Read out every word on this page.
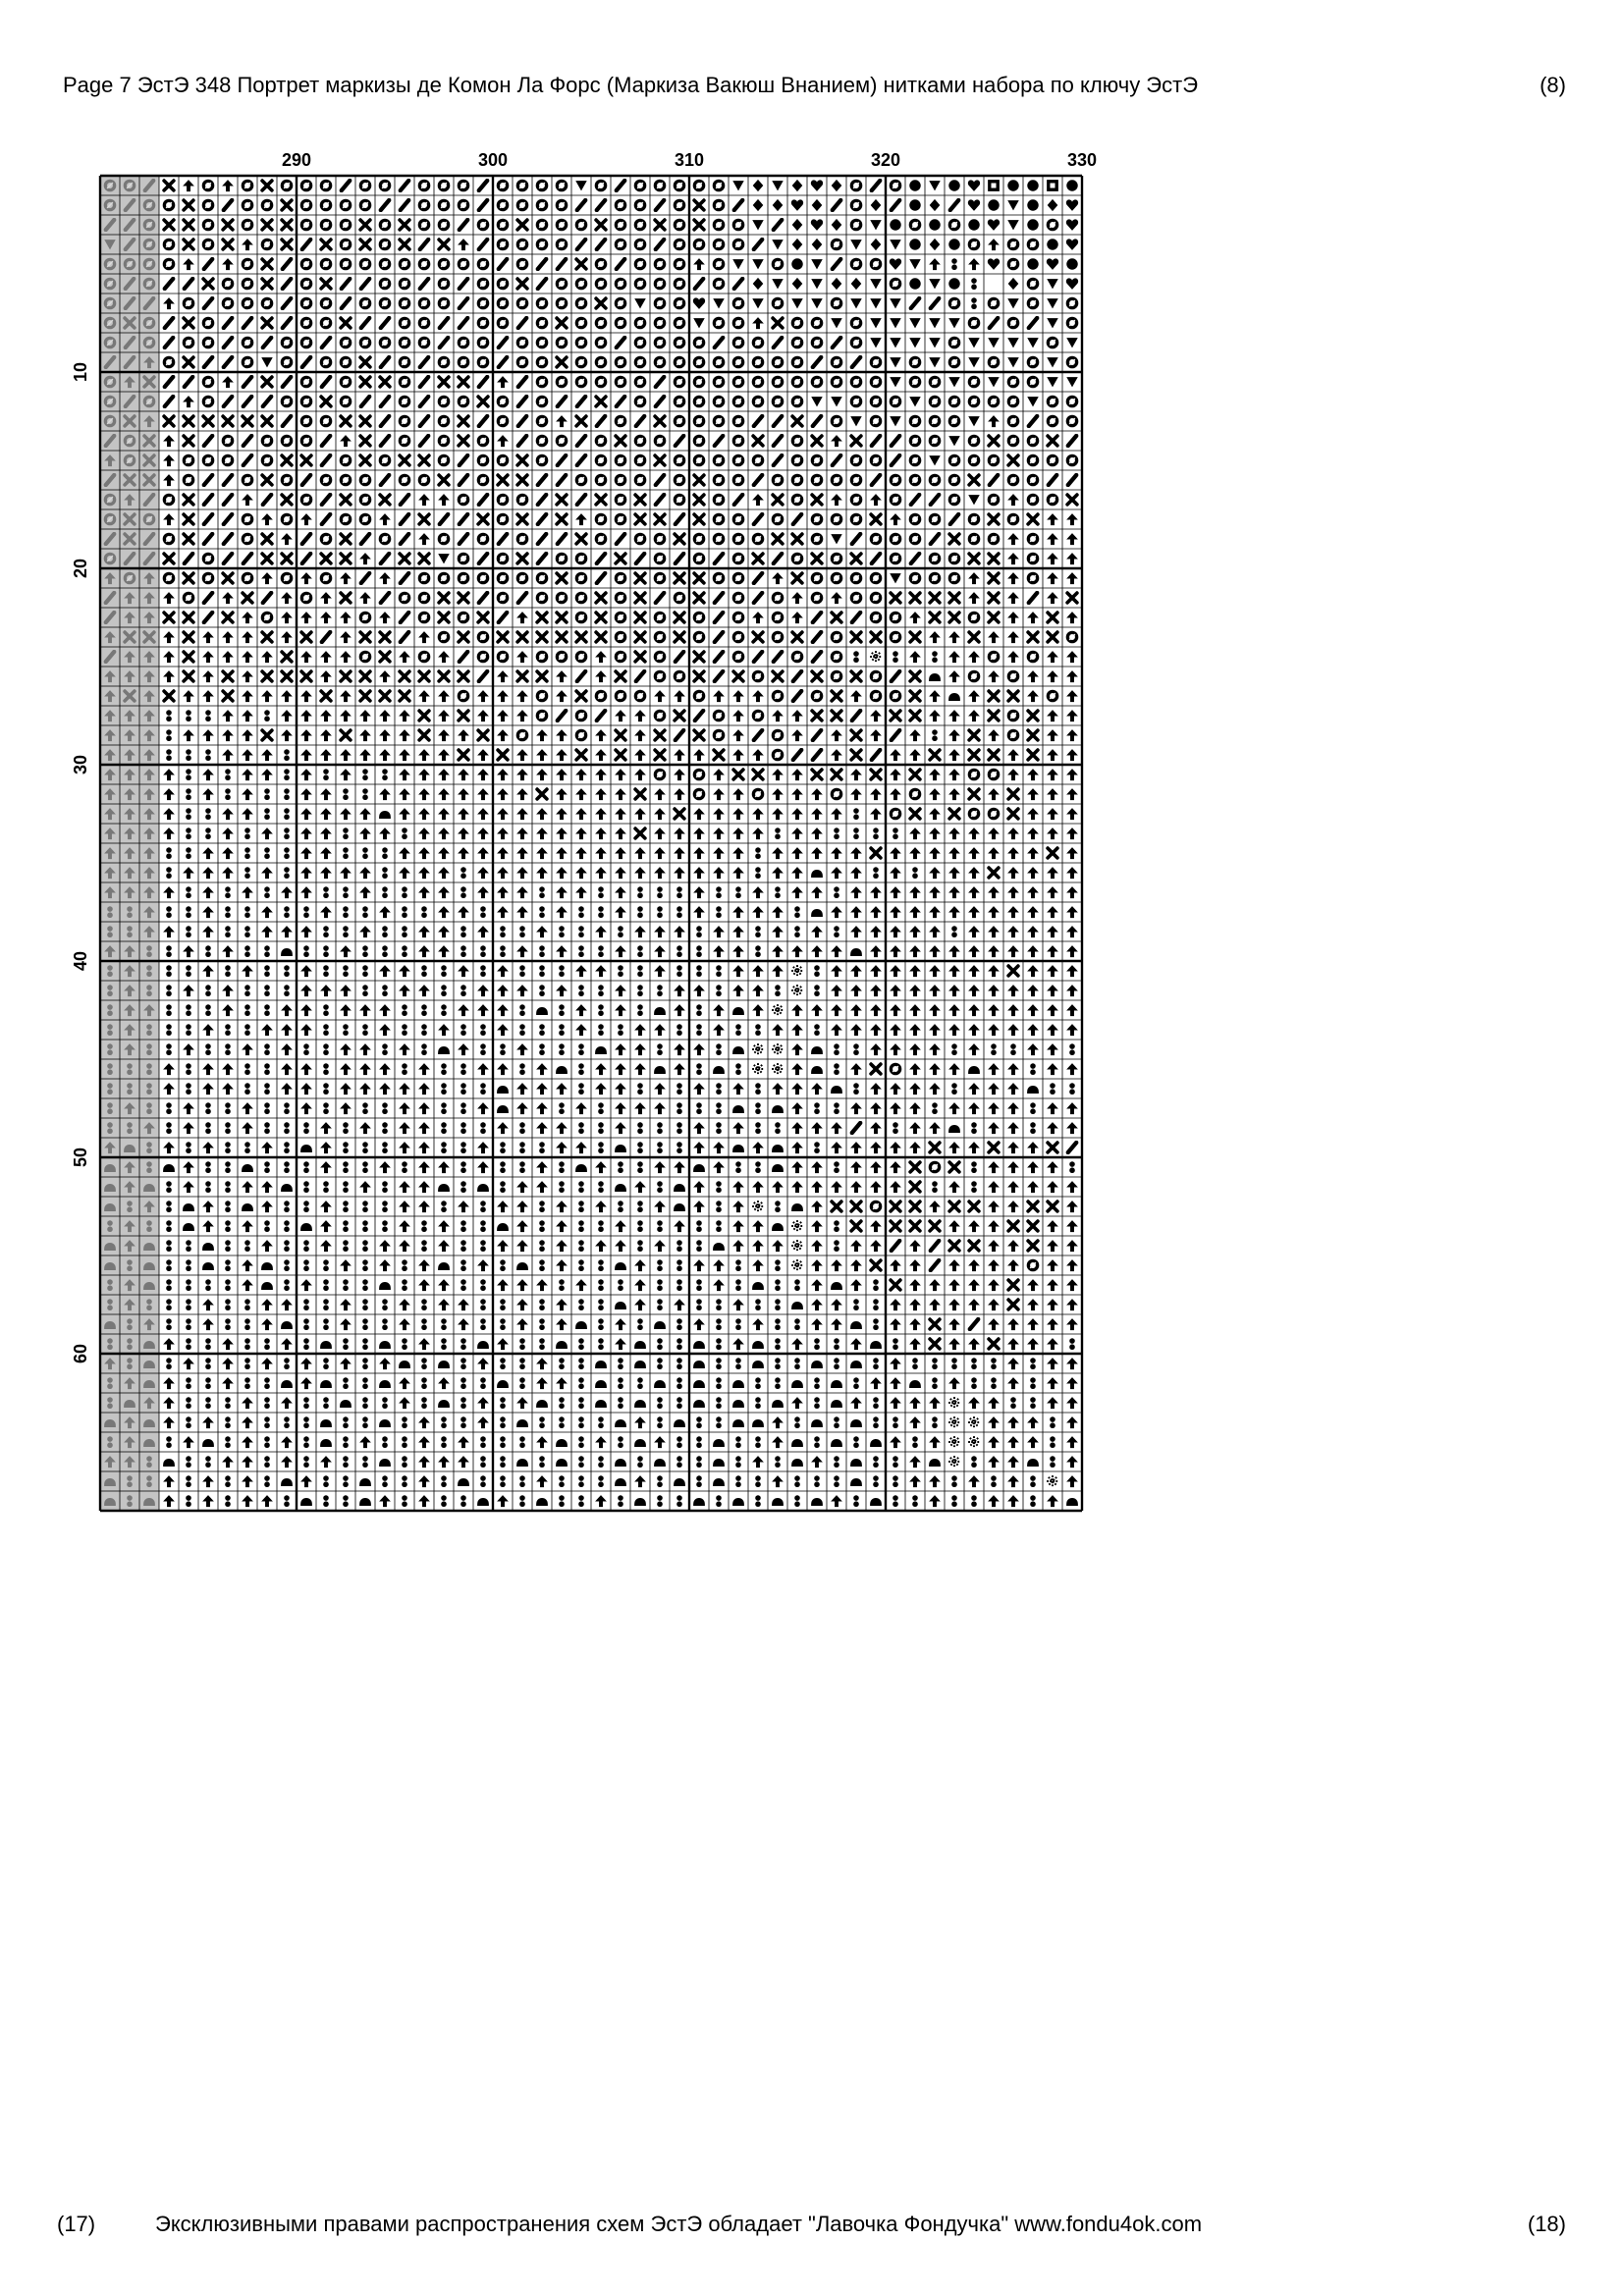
Page 7 ЭстЭ 348 Портрет маркизы де Комон Ла Форс (Маркиза Вакюш Внанием) нитками набора по ключу ЭстЭ	(8)
290	300	310	320	330
10
20
30
40
50
60
(17)	Эксклюзивными правами распространения схем ЭстЭ обладает "Лавочка Фондучка" www.fondu4ok.com	(18)
